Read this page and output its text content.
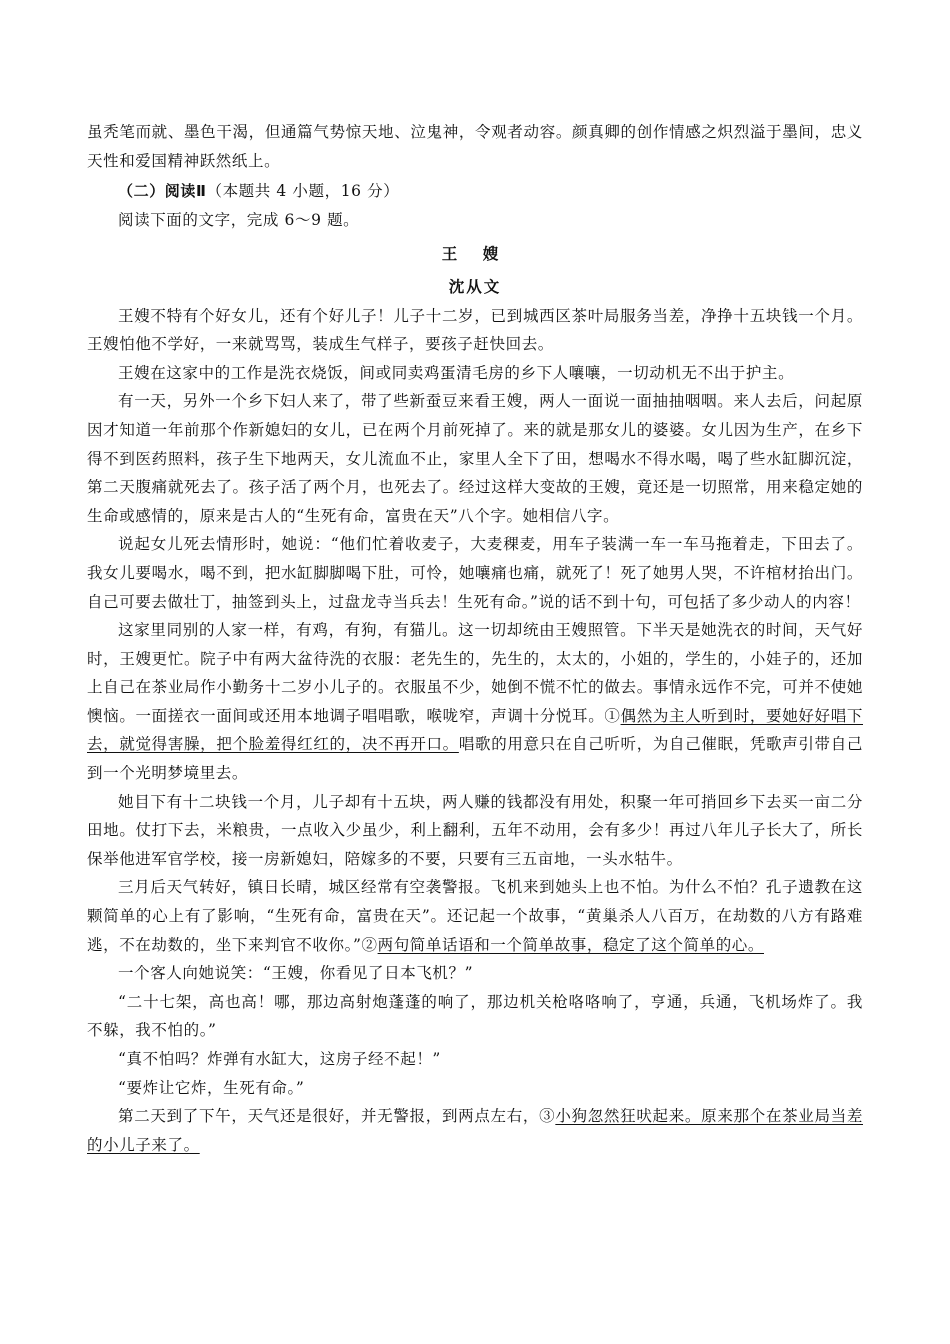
虽秃笔而就、墨色干渴，但通篇气势惊天地、泣鬼神，令观者动容。颜真卿的创作情感之炽烈溢于墨间，忠义天性和爱国精神跃然纸上。

（二）阅读Ⅱ（本题共 4 小题，16 分）

阅读下面的文字，完成 6～9 题。

王 嫂

沈从文

王嫂不特有个好女儿，还有个好儿子！儿子十二岁，已到城西区茶叶局服务当差，净挣十五块钱一个月。王嫂怕他不学好，一来就骂骂，装成生气样子，要孩子赶快回去。

王嫂在这家中的工作是洗衣烧饭，间或同卖鸡蛋清毛房的乡下人嚷嚷，一切动机无不出于护主。

有一天，另外一个乡下妇人来了，带了些新蚕豆来看王嫂，两人一面说一面抽抽咽咽。来人去后，问起原因才知道一年前那个作新媳妇的女儿，已在两个月前死掉了。来的就是那女儿的婆婆。女儿因为生产，在乡下得不到医药照料，孩子生下地两天，女儿流血不止，家里人全下了田，想喝水不得水喝，喝了些水缸脚沉淀，第二天腹痛就死去了。孩子活了两个月，也死去了。经过这样大变故的王嫂，竟还是一切照常，用来稳定她的生命或感情的，原来是古人的“生死有命，富贵在天”八个字。她相信八字。

说起女儿死去情形时，她说：“他们忙着收麦子，大麦稞麦，用车子装满一车一车马拖着走，下田去了。我女儿要喝水，喝不到，把水缸脚脚喝下肚，可怜，她嚷痛也痛，就死了！死了她男人哭，不许棺材抬出门。自己可要去做壮丁，抽签到头上，过盘龙寺当兵去！生死有命。”说的话不到十句，可包括了多少动人的内容！

这家里同别的人家一样，有鸡，有狗，有猫儿。这一切却统由王嫂照管。下半天是她洗衣的时间，天气好时，王嫂更忙。院子中有两大盆待洗的衣服：老先生的，先生的，太太的，小姐的，学生的，小娃子的，还加上自己在茶业局作小勤务十二岁小儿子的。衣服虽不少，她倒不慌不忙的做去。事情永远作不完，可并不使她懊恼。一面搓衣一面间或还用本地调子唱唱歌，喉咙窄，声调十分悦耳。①偶然为主人听到时，要她好好唱下去，就觉得害臊，把个脸羞得红红的，决不再开口。唱歌的用意只在自己听听，为自己催眠，凭歌声引带自己到一个光明梦境里去。

她目下有十二块钱一个月，儿子却有十五块，两人赚的钱都没有用处，积聚一年可捎回乡下去买一亩二分田地。仗打下去，米粮贵，一点收入少虽少，利上翻利，五年不动用，会有多少！再过八年儿子长大了，所长保举他进军官学校，接一房新媳妇，陪嫁多的不要，只要有三五亩地，一头水牯牛。

三月后天气转好，镇日长晴，城区经常有空袭警报。飞机来到她头上也不怕。为什么不怕？孔子遗教在这颗简单的心上有了影响，“生死有命，富贵在天”。还记起一个故事，“黄巢杀人八百万，在劫数的八方有路难逃，不在劫数的，坐下来判官不收你。”②两句简单话语和一个简单故事，稳定了这个简单的心。

一个客人向她说笑：“王嫂，你看见了日本飞机？”

“二十七架，高也高！哪，那边高射炮蓬蓬的响了，那边机关枪咯咯响了，亨通，兵通，飞机场炸了。我不躲，我不怕的。”

“真不怕吗？炸弹有水缸大，这房子经不起！”

“要炸让它炸，生死有命。”

第二天到了下午，天气还是很好，并无警报，到两点左右，③小狗忽然狂吠起来。原来那个在茶业局当差的小儿子来了。
